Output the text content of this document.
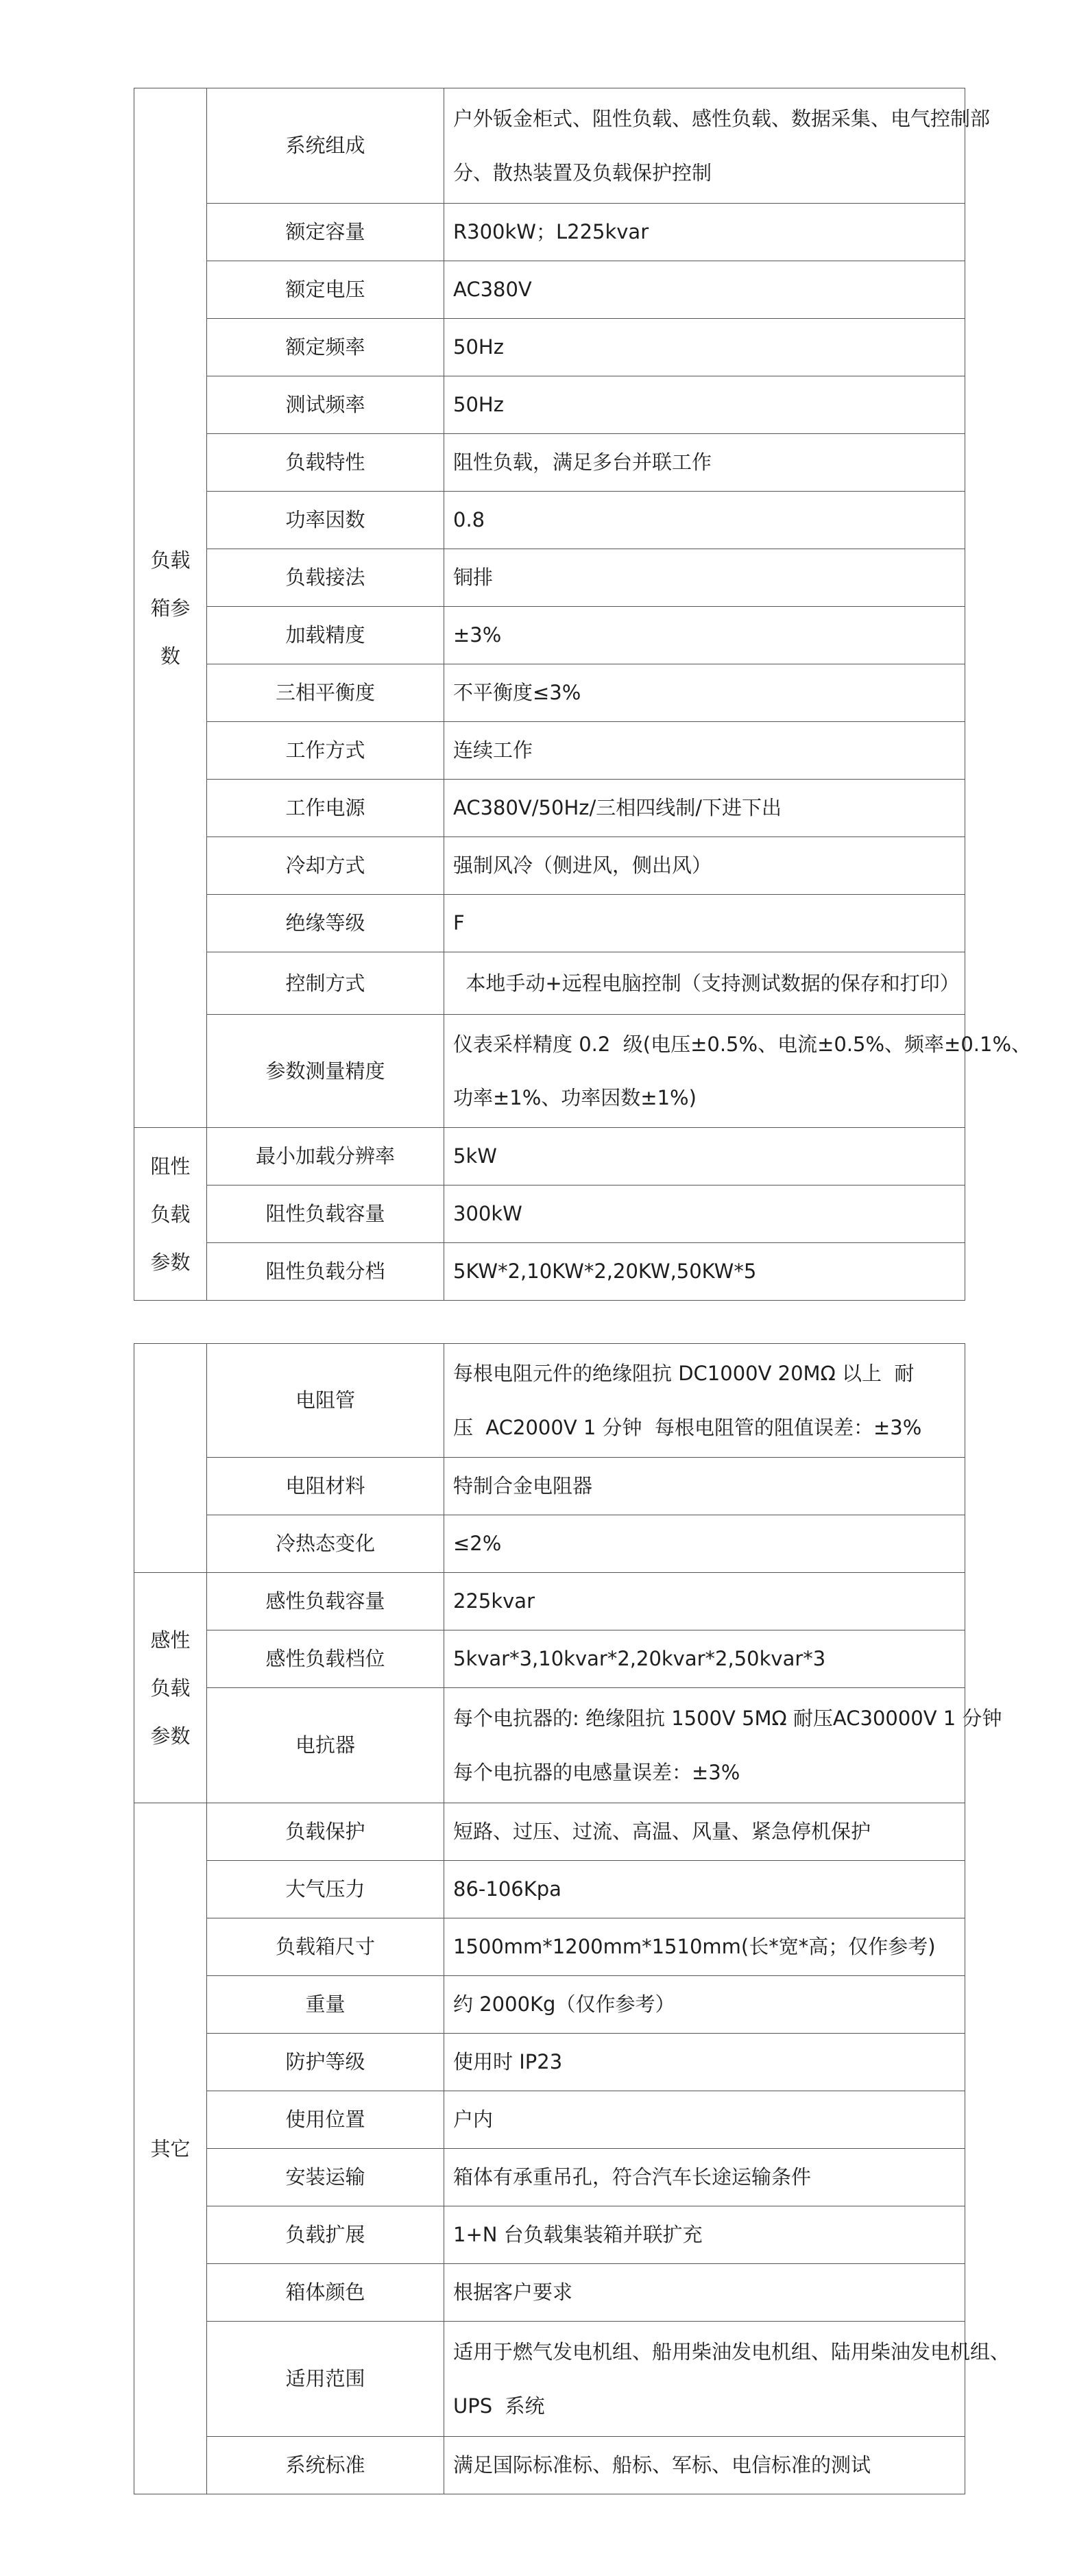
负载箱参数	系统组成	户外钣金柜式、阻性负载、感性负载、数据采集、电气控制部
分、散热装置及负载保护控制

	额定容量	R300kW；L225kvar

	额定电压	AC380V

	额定频率	50Hz

	测试频率	50Hz

	负载特性	阻性负载，满足多台并联工作

	功率因数	0.8

	负载接法	铜排

	加载精度	±3%

	三相平衡度	不平衡度≤3%

	工作方式	连续工作

	工作电源	AC380V/50Hz/三相四线制/下进下出

	冷却方式	强制风冷（侧进风，侧出风）

	绝缘等级	F

	控制方式	本地手动+远程电脑控制（支持测试数据的保存和打印）

	参数测量精度	仪表采样精度 0.2  级(电压±0.5%、电流±0.5%、频率±0.1%、
功率±1%、功率因数±1%)

阻性负载参数	最小加载分辨率	5kW

	阻性负载容量	300kW

	阻性负载分档	5KW*2,10KW*2,20KW,50KW*5
	电阻管	每根电阻元件的绝缘阻抗 DC1000V 20MΩ 以上  耐
压  AC2000V 1 分钟  每根电阻管的阻值误差：±3%

	电阻材料	特制合金电阻器

	冷热态变化	≤2%

感性负载参数	感性负载容量	225kvar

	感性负载档位	5kvar*3,10kvar*2,20kvar*2,50kvar*3

	电抗器	每个电抗器的: 绝缘阻抗 1500V 5MΩ 耐压AC30000V 1 分钟
每个电抗器的电感量误差：±3%

其它	负载保护	短路、过压、过流、高温、风量、紧急停机保护

	大气压力	86-106Kpa

	负载箱尺寸	1500mm*1200mm*1510mm(长*宽*高；仅作参考)

	重量	约 2000Kg（仅作参考）

	防护等级	使用时 IP23

	使用位置	户内

	安装运输	箱体有承重吊孔，符合汽车长途运输条件

	负载扩展	1+N 台负载集装箱并联扩充

	箱体颜色	根据客户要求

	适用范围	适用于燃气发电机组、船用柴油发电机组、陆用柴油发电机组、
UPS  系统

	系统标准	满足国际标准标、船标、军标、电信标准的测试
